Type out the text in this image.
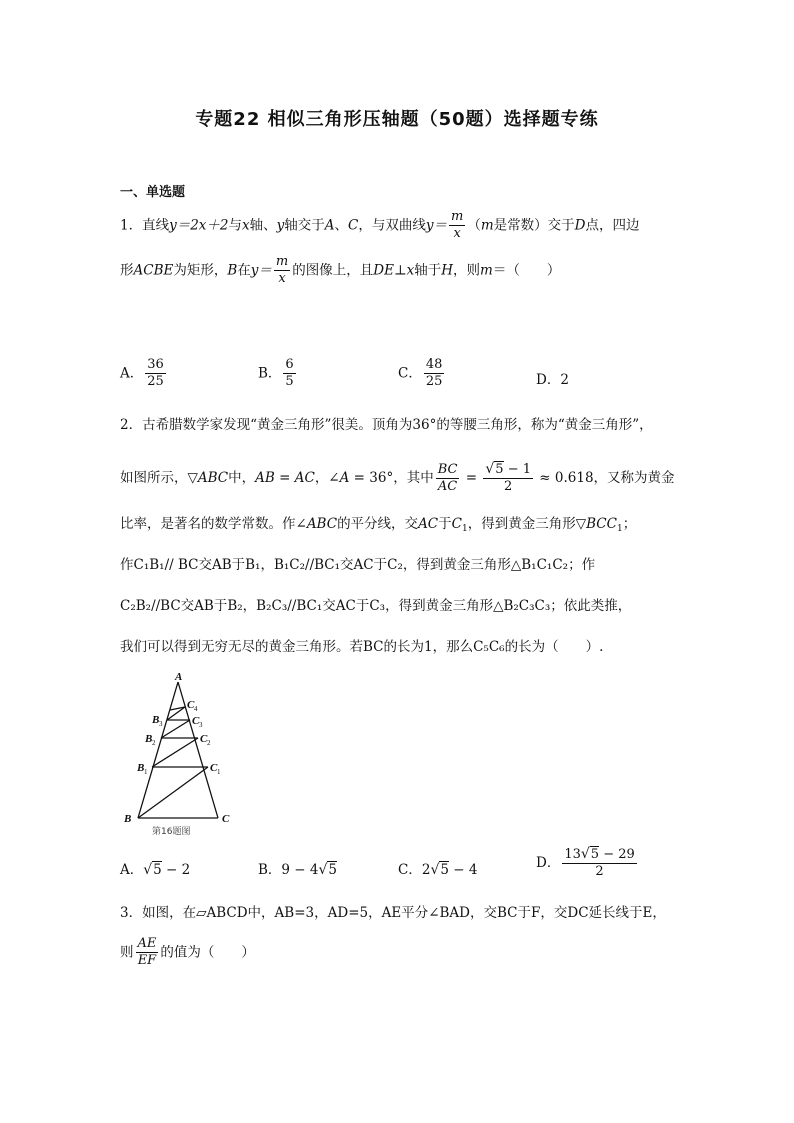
专题22 相似三角形压轴题（50题）选择题专练
一、单选题
1．直线y＝2x＋2与x轴、y轴交于A、C，与双曲线$y= \frac{m}{x} (m$是常数）交于D点，四边
形ACBE为矩形，B在$y= \frac{m}{x}$ 的图像上，且DE⊥x轴于H，则m＝（　　）
A． $\frac{36}{25}$	B． $\frac{6}{5}$	C． $\frac{48}{25}$	D．2
2．古希腊数学家发现“黄金三角形”很美。顶角为36°的等腰三角形，称为“黄金三角形”，
如图所示，▽ABC中，AB = AC，∠A = 36°，其中 $\frac{BC}{AC} = \frac{√5 - 1}{2} \approx 0.618$，又称为黄金
比率，是著名的数学常数。作∠ABC的平分线，交AC于$C_1$，得到黄金三角形$▽BCC_1$；
作C₁B₁// BC交AB于B₁，B₁C₂//BC₁交AC于C₂，得到黄金三角形△B₁C₁C₂；作
C₂B₂//BC交AB于B₂，B₂C₃//BC₁交AC于C₃，得到黄金三角形△B₂C₃C₃；依此类推，
我们可以得到无穷无尽的黄金三角形。若BC的长为1，那么C₅C₆的长为（　　）.
A
B	C
B
B
B
C
C
C
C
1
2
3
1
2
3
4
第16题图
A．√5 − 2	B．9 − 4√5	C．2√5 − 4	D． $\frac{13√5 - 29}{2}$
3．如图，在▱ABCD中，AB=3，AD=5，AE平分∠BAD，交BC于F，交DC延长线于E，
则 $\frac{AE}{EF}$ 的值为（　　）
